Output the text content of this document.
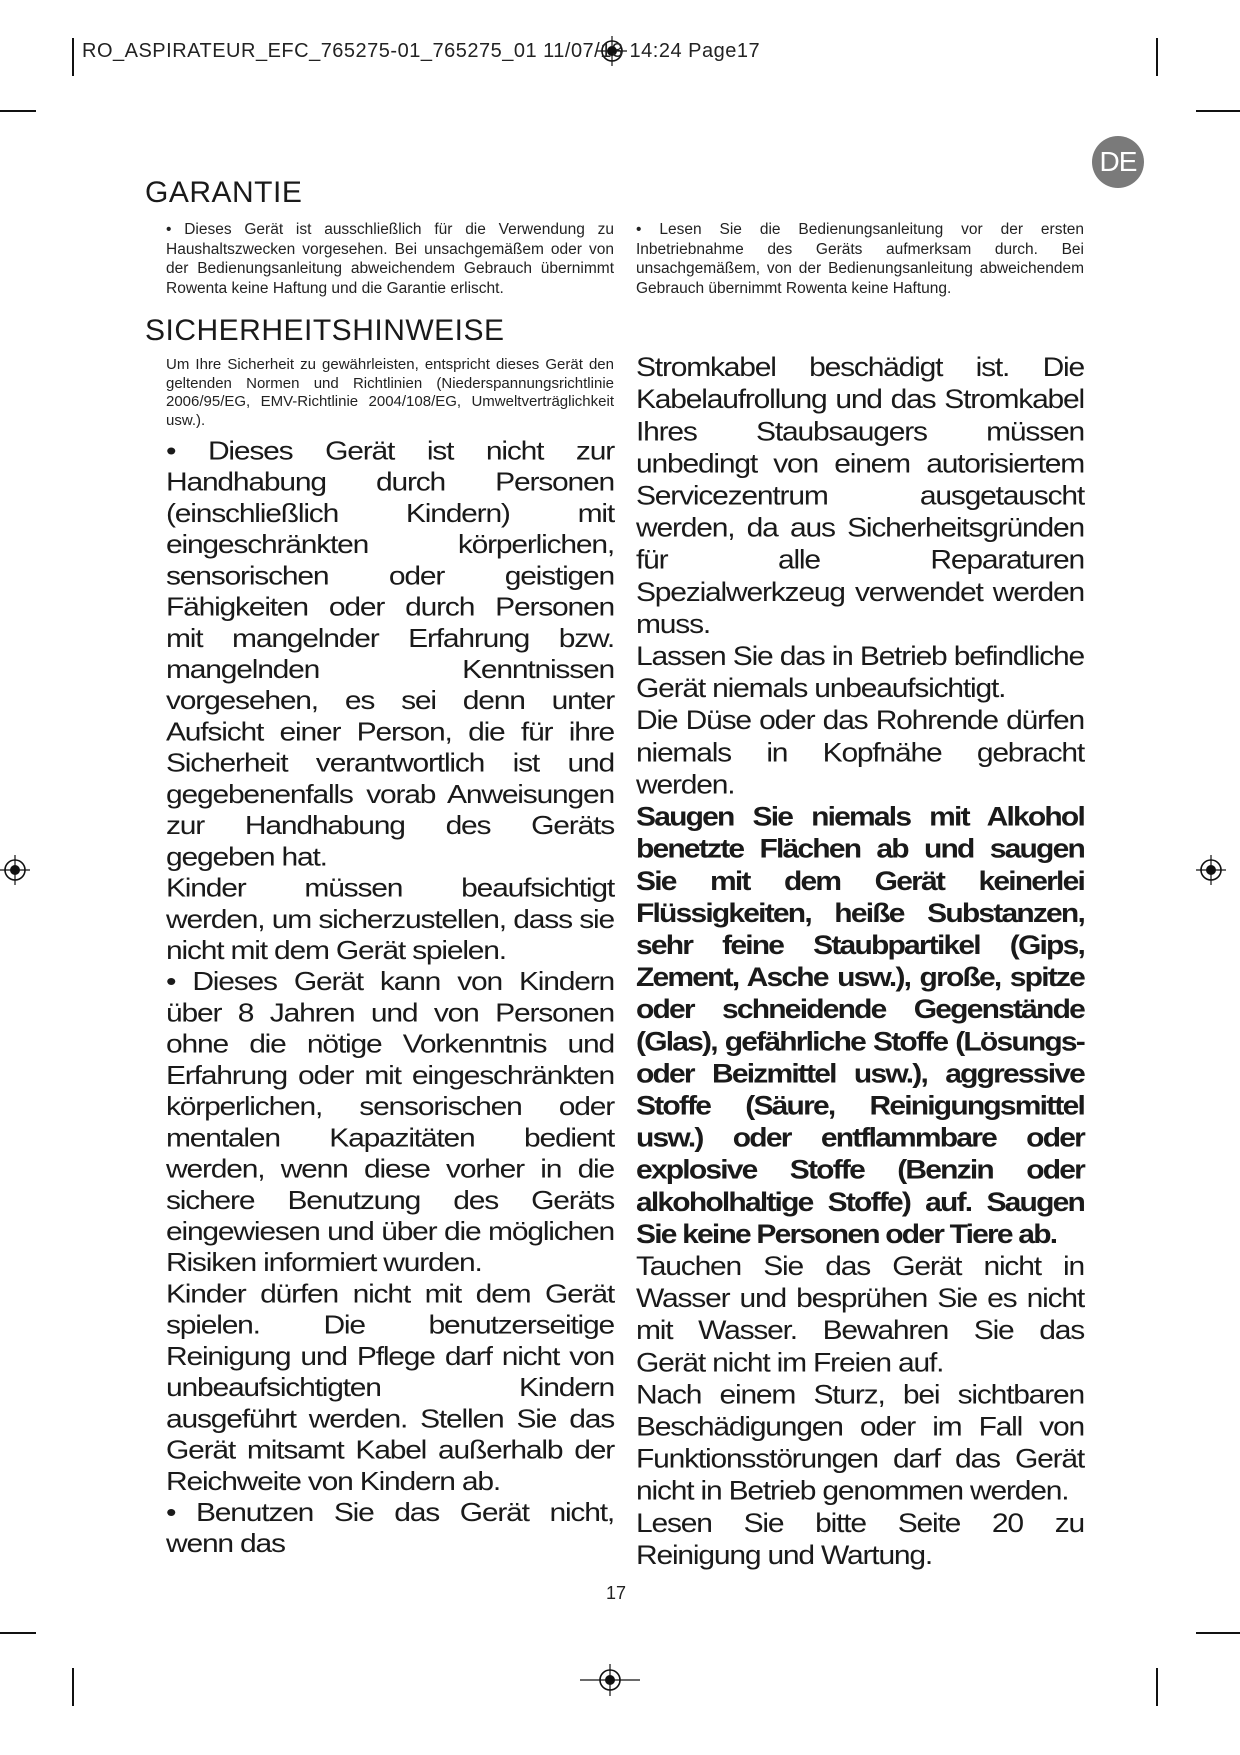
RO_ASPIRATEUR_EFC_765275-01_765275_01 11/07/13 14:24 Page17
DE
GARANTIE
• Dieses Gerät ist ausschließlich für die Verwendung zu Haushaltszwecken vorgesehen. Bei unsachgemäßem oder von der Bedienungsanleitung abweichendem Gebrauch übernimmt Rowenta keine Haftung und die Garantie erlischt.
• Lesen Sie die Bedienungsanleitung vor der ersten Inbetriebnahme des Geräts aufmerksam durch. Bei unsachgemäßem, von der Bedienungsanleitung abweichendem Gebrauch übernimmt Rowenta keine Haftung.
SICHERHEITSHINWEISE
Um Ihre Sicherheit zu gewährleisten, entspricht dieses Gerät den geltenden Normen und Richtlinien (Niederspannungsrichtlinie 2006/95/EG, EMV-Richtlinie 2004/108/EG, Umweltverträglichkeit usw.).

• Dieses Gerät ist nicht zur Handhabung durch Personen (einschließlich Kindern) mit eingeschränkten körperlichen, sensorischen oder geistigen Fähigkeiten oder durch Personen mit mangelnder Erfahrung bzw. mangelnden Kenntnissen vorgesehen, es sei denn unter Aufsicht einer Person, die für ihre Sicherheit verantwortlich ist und gegebenenfalls vorab Anweisungen zur Handhabung des Geräts gegeben hat.

Kinder müssen beaufsichtigt werden, um sicherzustellen, dass sie nicht mit dem Gerät spielen.

• Dieses Gerät kann von Kindern über 8 Jahren und von Personen ohne die nötige Vorkenntnis und Erfahrung oder mit eingeschränkten körperlichen, sensorischen oder mentalen Kapazitäten bedient werden, wenn diese vorher in die sichere Benutzung des Geräts eingewiesen und über die möglichen Risiken informiert wurden.

Kinder dürfen nicht mit dem Gerät spielen. Die benutzerseitige Reinigung und Pflege darf nicht von unbeaufsichtigten Kindern ausgeführt werden. Stellen Sie das Gerät mitsamt Kabel außerhalb der Reichweite von Kindern ab.

• Benutzen Sie das Gerät nicht, wenn das

Stromkabel beschädigt ist. Die Kabelaufrollung und das Stromkabel Ihres Staubsaugers müssen unbedingt von einem autorisiertem Servicezentrum ausgetauscht werden, da aus Sicherheitsgründen für alle Reparaturen Spezialwerkzeug verwendet werden muss.

Lassen Sie das in Betrieb befindliche Gerät niemals unbeaufsichtigt.

Die Düse oder das Rohrende dürfen niemals in Kopfnähe gebracht werden.

Saugen Sie niemals mit Alkohol benetzte Flächen ab und saugen Sie mit dem Gerät keinerlei Flüssigkeiten, heiße Substanzen, sehr feine Staubpartikel (Gips, Zement, Asche usw.), große, spitze oder schneidende Gegenstände (Glas), gefährliche Stoffe (Lösungs- oder Beizmittel usw.), aggressive Stoffe (Säure, Reinigungsmittel usw.) oder entflammbare oder explosive Stoffe (Benzin oder alkoholhaltige Stoffe) auf. Saugen Sie keine Personen oder Tiere ab.

Tauchen Sie das Gerät nicht in Wasser und besprühen Sie es nicht mit Wasser. Bewahren Sie das Gerät nicht im Freien auf.

Nach einem Sturz, bei sichtbaren Beschädigungen oder im Fall von Funktionsstörungen darf das Gerät nicht in Betrieb genommen werden.

Lesen Sie bitte Seite 20 zu Reinigung und Wartung.

17
